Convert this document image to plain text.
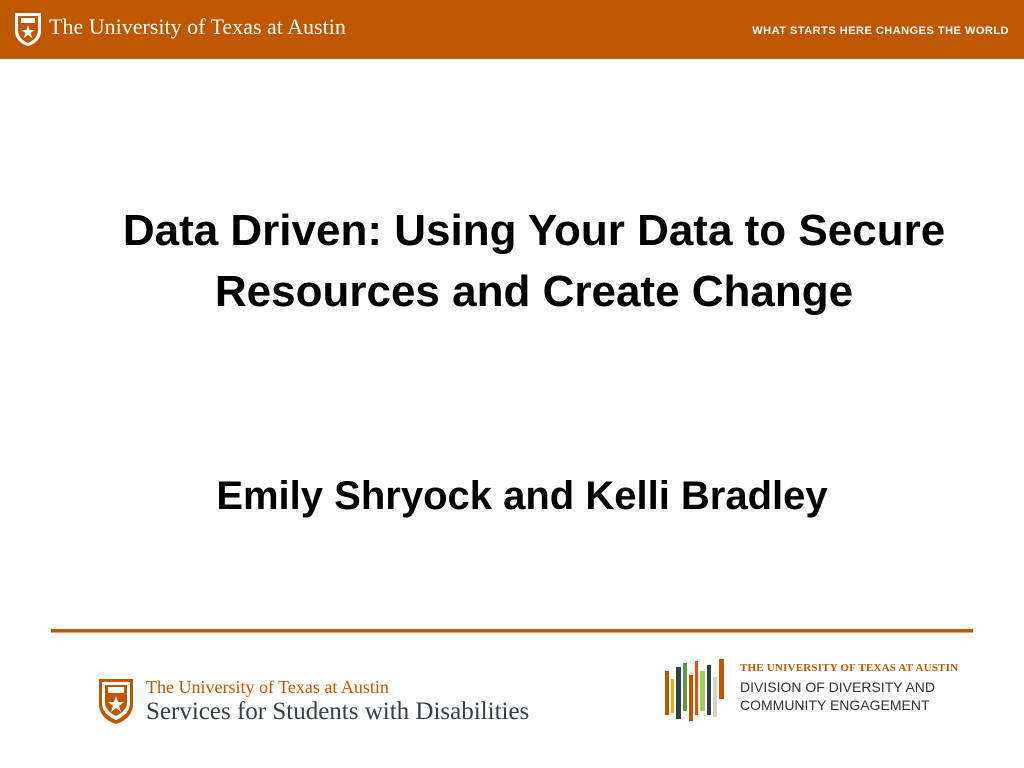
The University of Texas at Austin	WHAT STARTS HERE CHANGES THE WORLD
Data Driven: Using Your Data to Secure Resources and Create Change
Emily Shryock and Kelli Bradley
The University of Texas at Austin
Services for Students with Disabilities
THE UNIVERSITY OF TEXAS AT AUSTIN
DIVISION OF DIVERSITY AND
COMMUNITY ENGAGEMENT
